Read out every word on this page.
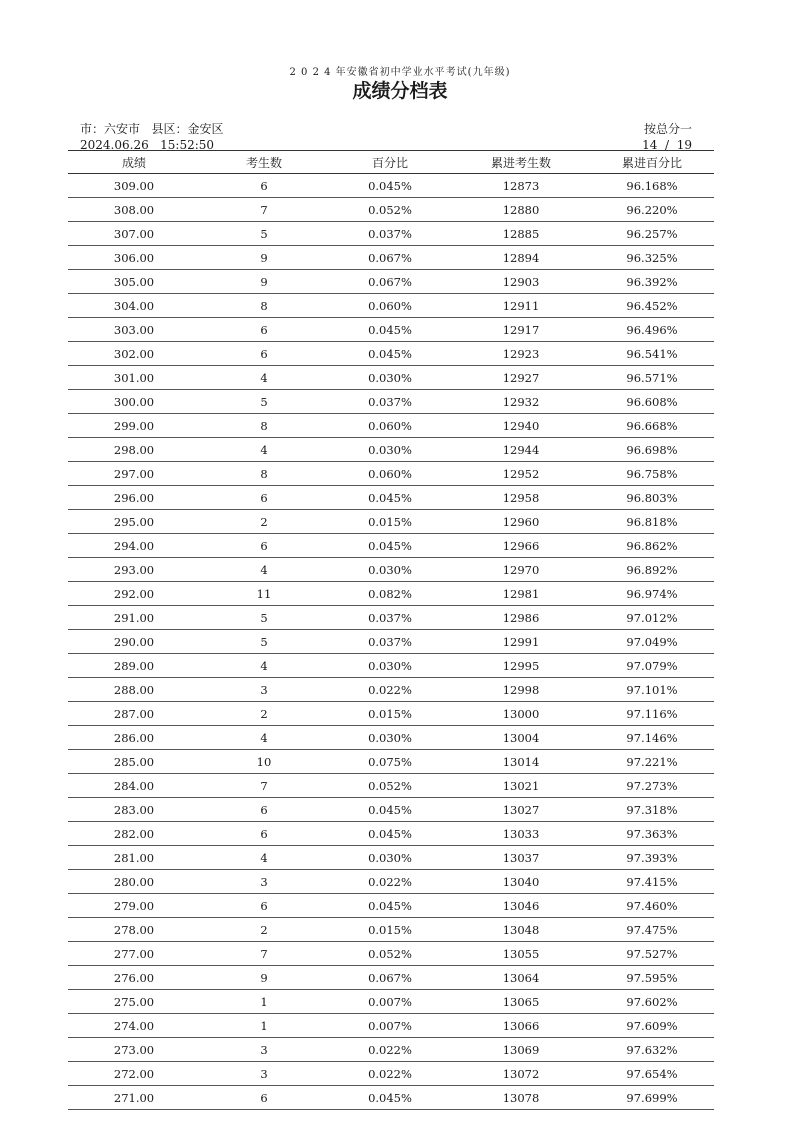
2 0 2 4 年安徽省初中学业水平考试(九年级)
成绩分档表
市：六安市   县区：金安区
2024.06.26   15:52:50
按总分一
14  /  19
成绩	考生数	百分比	累进考生数	累进百分比
309.00	6	0.045%	12873	96.168%
308.00	7	0.052%	12880	96.220%
307.00	5	0.037%	12885	96.257%
306.00	9	0.067%	12894	96.325%
305.00	9	0.067%	12903	96.392%
304.00	8	0.060%	12911	96.452%
303.00	6	0.045%	12917	96.496%
302.00	6	0.045%	12923	96.541%
301.00	4	0.030%	12927	96.571%
300.00	5	0.037%	12932	96.608%
299.00	8	0.060%	12940	96.668%
298.00	4	0.030%	12944	96.698%
297.00	8	0.060%	12952	96.758%
296.00	6	0.045%	12958	96.803%
295.00	2	0.015%	12960	96.818%
294.00	6	0.045%	12966	96.862%
293.00	4	0.030%	12970	96.892%
292.00	11	0.082%	12981	96.974%
291.00	5	0.037%	12986	97.012%
290.00	5	0.037%	12991	97.049%
289.00	4	0.030%	12995	97.079%
288.00	3	0.022%	12998	97.101%
287.00	2	0.015%	13000	97.116%
286.00	4	0.030%	13004	97.146%
285.00	10	0.075%	13014	97.221%
284.00	7	0.052%	13021	97.273%
283.00	6	0.045%	13027	97.318%
282.00	6	0.045%	13033	97.363%
281.00	4	0.030%	13037	97.393%
280.00	3	0.022%	13040	97.415%
279.00	6	0.045%	13046	97.460%
278.00	2	0.015%	13048	97.475%
277.00	7	0.052%	13055	97.527%
276.00	9	0.067%	13064	97.595%
275.00	1	0.007%	13065	97.602%
274.00	1	0.007%	13066	97.609%
273.00	3	0.022%	13069	97.632%
272.00	3	0.022%	13072	97.654%
271.00	6	0.045%	13078	97.699%
